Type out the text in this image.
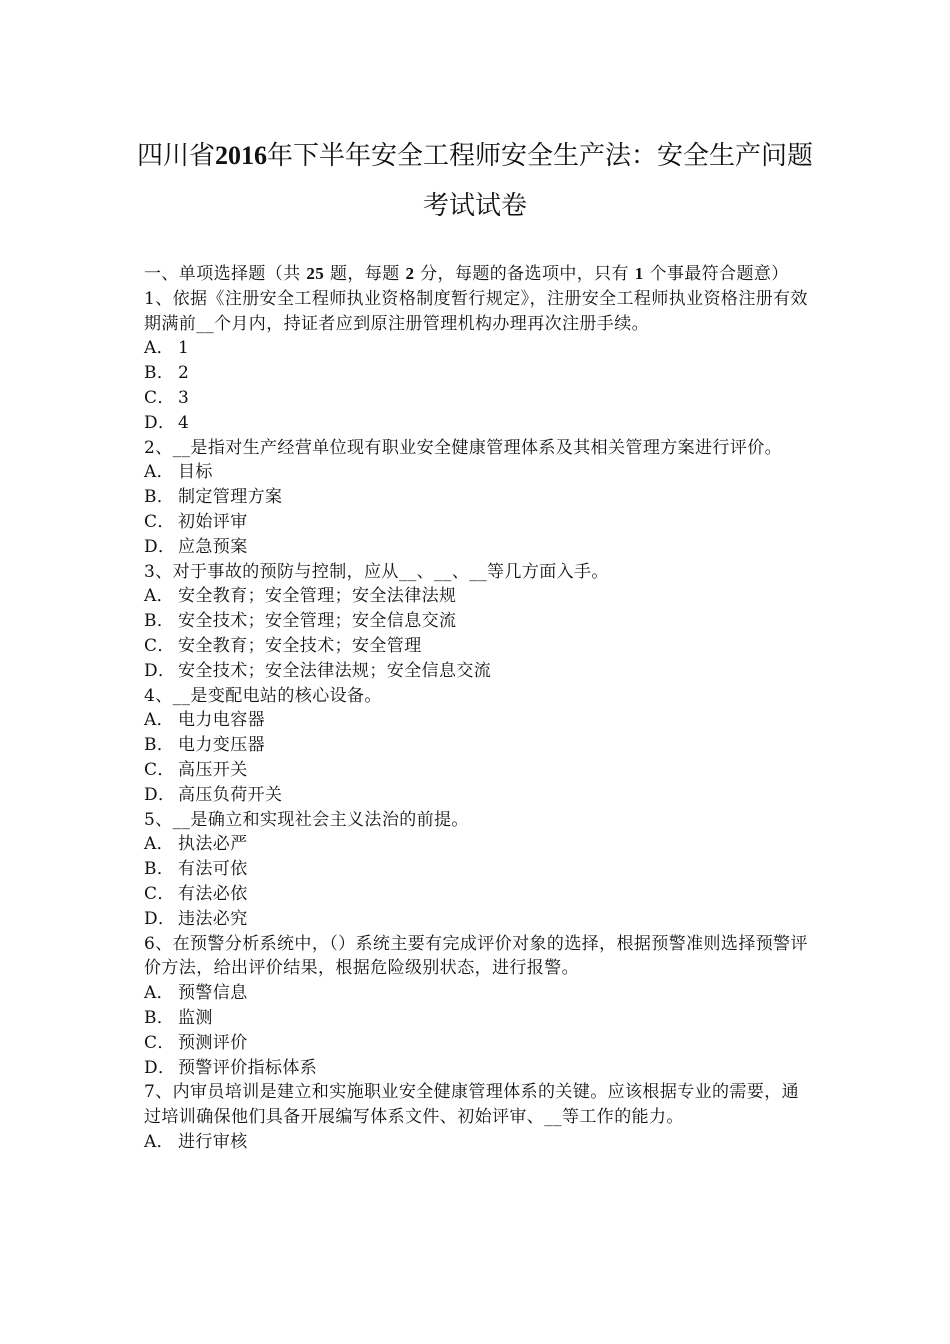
四川省2016年下半年安全工程师安全生产法：安全生产问题考试试卷
一、单项选择题（共 25 题，每题 2 分，每题的备选项中，只有 1 个事最符合题意）
1、依据《注册安全工程师执业资格制度暂行规定》，注册安全工程师执业资格注册有效期满前__个月内，持证者应到原注册管理机构办理再次注册手续。
A． 1
B． 2
C． 3
D． 4
2、__是指对生产经营单位现有职业安全健康管理体系及其相关管理方案进行评价。
A． 目标
B． 制定管理方案
C． 初始评审
D． 应急预案
3、对于事故的预防与控制，应从__、__、__等几方面入手。
A． 安全教育；安全管理；安全法律法规
B． 安全技术；安全管理；安全信息交流
C． 安全教育；安全技术；安全管理
D． 安全技术；安全法律法规；安全信息交流
4、__是变配电站的核心设备。
A． 电力电容器
B． 电力变压器
C． 高压开关
D． 高压负荷开关
5、__是确立和实现社会主义法治的前提。
A． 执法必严
B． 有法可依
C． 有法必依
D． 违法必究
6、在预警分析系统中，（）系统主要有完成评价对象的选择，根据预警准则选择预警评价方法，给出评价结果，根据危险级别状态，进行报警。
A． 预警信息
B． 监测
C． 预测评价
D． 预警评价指标体系
7、内审员培训是建立和实施职业安全健康管理体系的关键。应该根据专业的需要，通过培训确保他们具备开展编写体系文件、初始评审、__等工作的能力。
A． 进行审核
